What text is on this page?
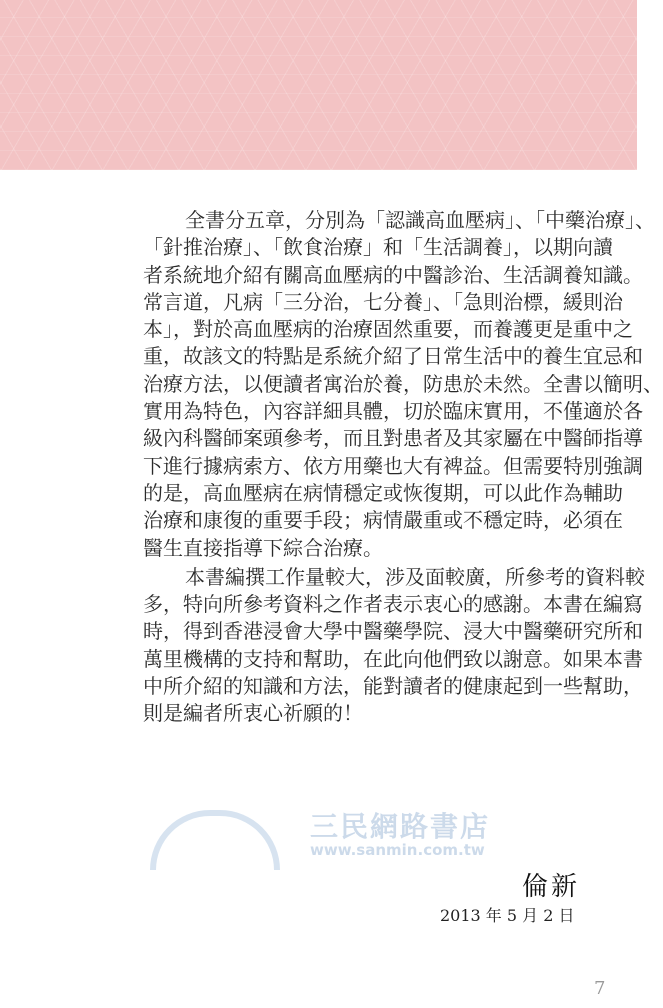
全書分五章，分別為「認識高血壓病」、「中藥治療」、
「針推治療」、「飲食治療」和「生活調養」，以期向讀
者系統地介紹有關高血壓病的中醫診治、生活調養知識。
常言道，凡病「三分治，七分養」、「急則治標，緩則治
本」，對於高血壓病的治療固然重要，而養護更是重中之
重，故該文的特點是系統介紹了日常生活中的養生宜忌和
治療方法，以便讀者寓治於養，防患於未然。全書以簡明、
實用為特色，內容詳細具體，切於臨床實用，不僅適於各
級內科醫師案頭參考，而且對患者及其家屬在中醫師指導
下進行據病索方、依方用藥也大有裨益。但需要特別強調
的是，高血壓病在病情穩定或恢復期，可以此作為輔助
治療和康復的重要手段；病情嚴重或不穩定時，必須在
醫生直接指導下綜合治療。
本書編撰工作量較大，涉及面較廣，所參考的資料較
多，特向所參考資料之作者表示衷心的感謝。本書在編寫
時，得到香港浸會大學中醫藥學院、浸大中醫藥研究所和
萬里機構的支持和幫助，在此向他們致以謝意。如果本書
中所介紹的知識和方法，能對讀者的健康起到一些幫助，
則是編者所衷心祈願的！
三民網路書店
www.sanmin.com.tw
倫新
2013 年 5 月 2 日
7
